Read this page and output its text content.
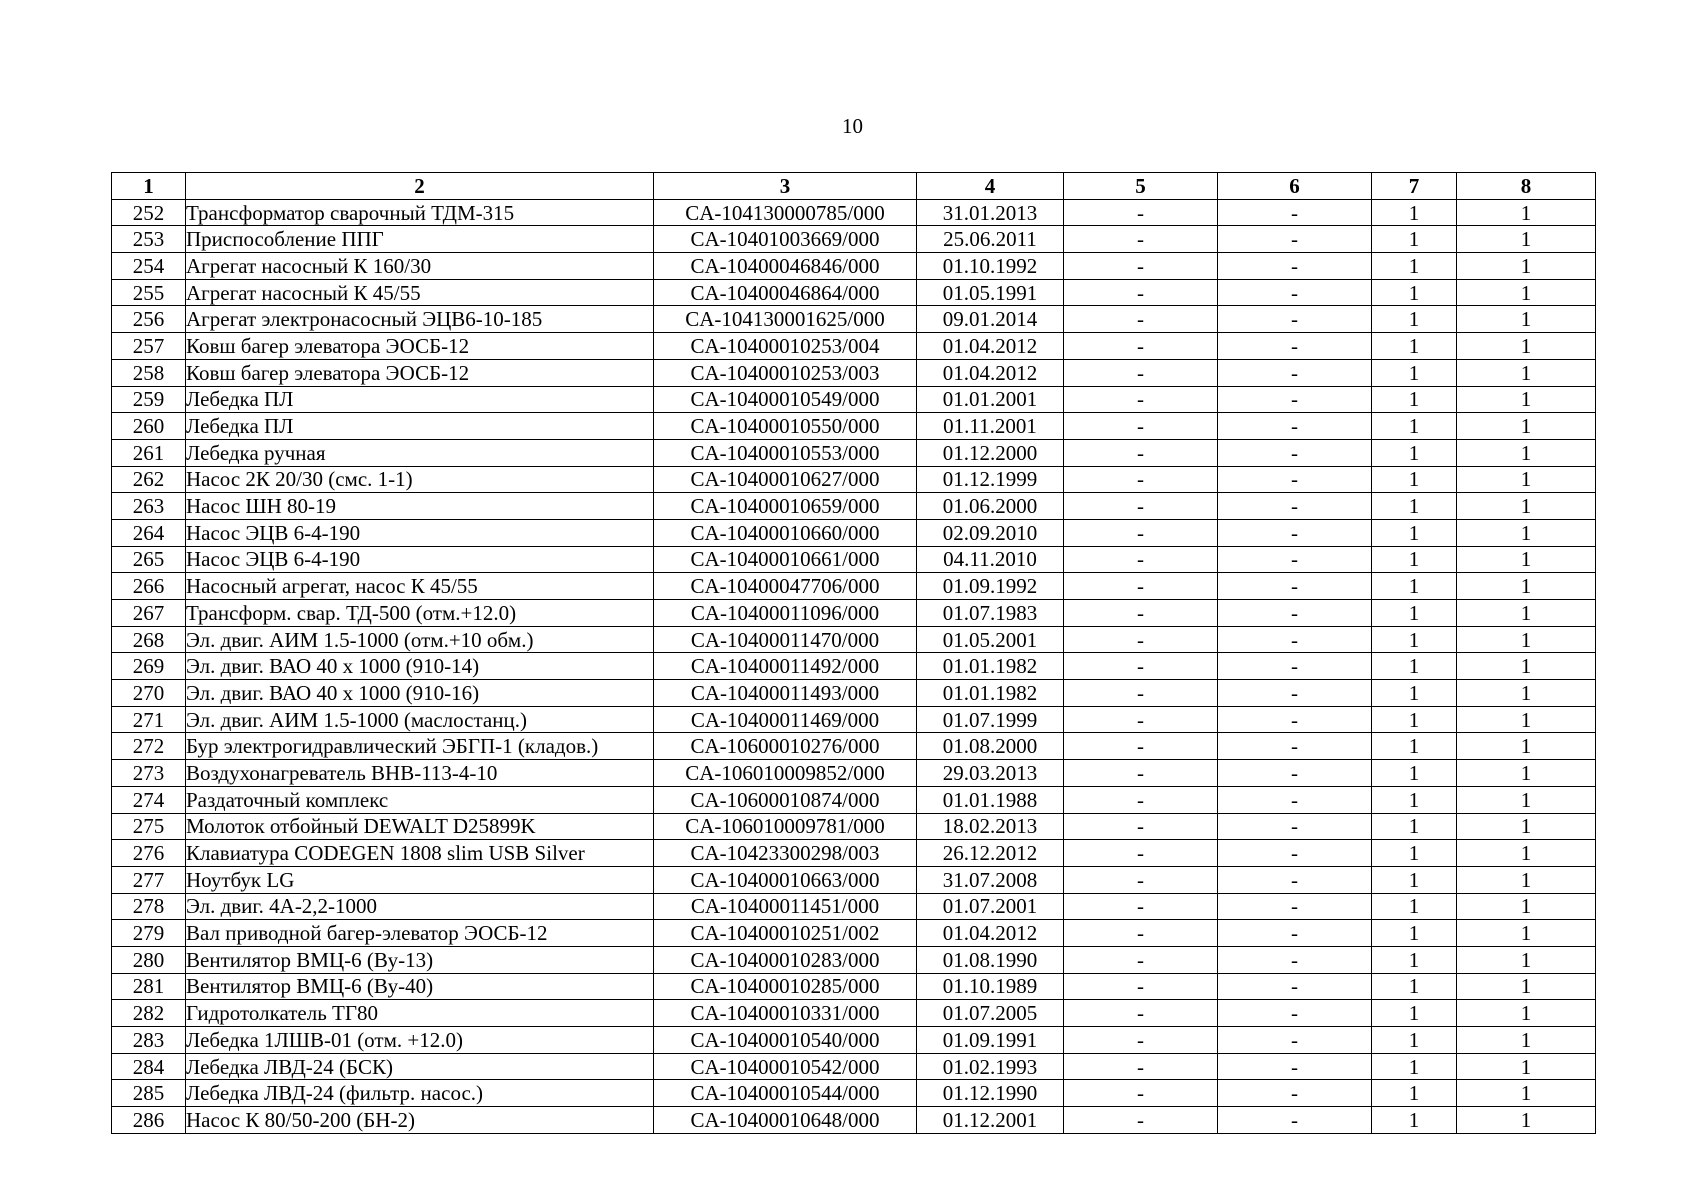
10
1	2	3	4	5	6	7	8
252	Трансформатор сварочный ТДМ-315	CA-104130000785/000	31.01.2013	-	-	1	1
253	Приспособление ППГ	CA-10401003669/000	25.06.2011	-	-	1	1
254	Агрегат насосный К 160/30	CA-10400046846/000	01.10.1992	-	-	1	1
255	Агрегат насосный К 45/55	CA-10400046864/000	01.05.1991	-	-	1	1
256	Агрегат электронасосный ЭЦВ6-10-185	CA-104130001625/000	09.01.2014	-	-	1	1
257	Ковш багер элеватора ЭОСБ-12	CA-10400010253/004	01.04.2012	-	-	1	1
258	Ковш багер элеватора ЭОСБ-12	CA-10400010253/003	01.04.2012	-	-	1	1
259	Лебедка ПЛ	CA-10400010549/000	01.01.2001	-	-	1	1
260	Лебедка ПЛ	CA-10400010550/000	01.11.2001	-	-	1	1
261	Лебедка ручная	CA-10400010553/000	01.12.2000	-	-	1	1
262	Насос 2К 20/30 (смс. 1-1)	CA-10400010627/000	01.12.1999	-	-	1	1
263	Насос ШН 80-19	CA-10400010659/000	01.06.2000	-	-	1	1
264	Насос ЭЦВ 6-4-190	CA-10400010660/000	02.09.2010	-	-	1	1
265	Насос ЭЦВ 6-4-190	CA-10400010661/000	04.11.2010	-	-	1	1
266	Насосный агрегат, насос К 45/55	CA-10400047706/000	01.09.1992	-	-	1	1
267	Трансформ. свар. ТД-500 (отм.+12.0)	CA-10400011096/000	01.07.1983	-	-	1	1
268	Эл. двиг. АИМ 1.5-1000 (отм.+10 обм.)	CA-10400011470/000	01.05.2001	-	-	1	1
269	Эл. двиг. ВАО 40 х 1000 (910-14)	CA-10400011492/000	01.01.1982	-	-	1	1
270	Эл. двиг. ВАО 40 х 1000 (910-16)	CA-10400011493/000	01.01.1982	-	-	1	1
271	Эл. двиг. АИМ 1.5-1000 (маслостанц.)	CA-10400011469/000	01.07.1999	-	-	1	1
272	Бур электрогидравлический ЭБГП-1 (кладов.)	CA-10600010276/000	01.08.2000	-	-	1	1
273	Воздухонагреватель ВНВ-113-4-10	CA-106010009852/000	29.03.2013	-	-	1	1
274	Раздаточный комплекс	CA-10600010874/000	01.01.1988	-	-	1	1
275	Молоток отбойный DEWALT D25899K	CA-106010009781/000	18.02.2013	-	-	1	1
276	Клавиатура CODEGEN 1808 slim USB Silver	CA-10423300298/003	26.12.2012	-	-	1	1
277	Ноутбук LG	CA-10400010663/000	31.07.2008	-	-	1	1
278	Эл. двиг. 4А-2,2-1000	CA-10400011451/000	01.07.2001	-	-	1	1
279	Вал приводной багер-элеватор ЭОСБ-12	CA-10400010251/002	01.04.2012	-	-	1	1
280	Вентилятор ВМЦ-6 (Ву-13)	CA-10400010283/000	01.08.1990	-	-	1	1
281	Вентилятор ВМЦ-6 (Ву-40)	CA-10400010285/000	01.10.1989	-	-	1	1
282	Гидротолкатель ТГ80	CA-10400010331/000	01.07.2005	-	-	1	1
283	Лебедка 1ЛШВ-01 (отм. +12.0)	CA-10400010540/000	01.09.1991	-	-	1	1
284	Лебедка ЛВД-24 (БСК)	CA-10400010542/000	01.02.1993	-	-	1	1
285	Лебедка ЛВД-24 (фильтр. насос.)	CA-10400010544/000	01.12.1990	-	-	1	1
286	Насос К 80/50-200 (БН-2)	CA-10400010648/000	01.12.2001	-	-	1	1
